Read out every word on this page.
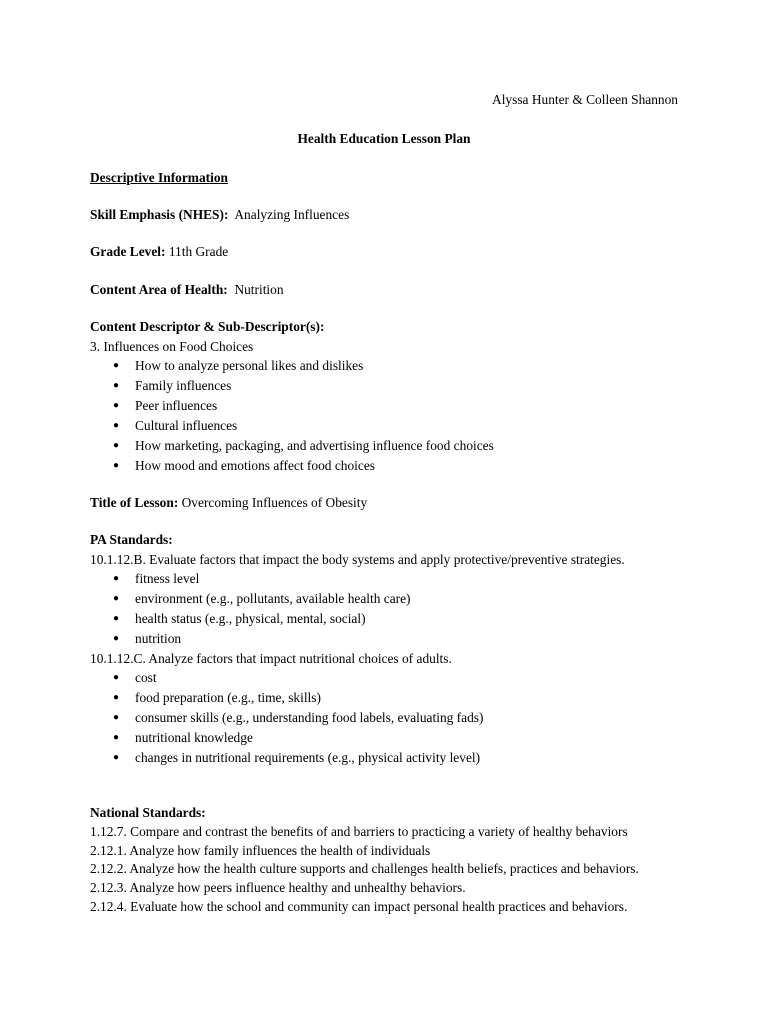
Alyssa Hunter & Colleen Shannon
Health Education Lesson Plan
Descriptive Information
Skill Emphasis (NHES): Analyzing Influences
Grade Level: 11th Grade
Content Area of Health: Nutrition
Content Descriptor & Sub-Descriptor(s):
3. Influences on Food Choices
● How to analyze personal likes and dislikes
● Family influences
● Peer influences
● Cultural influences
● How marketing, packaging, and advertising influence food choices
● How mood and emotions affect food choices
Title of Lesson: Overcoming Influences of Obesity
PA Standards:
10.1.12.B. Evaluate factors that impact the body systems and apply protective/preventive strategies.
● fitness level
● environment (e.g., pollutants, available health care)
● health status (e.g., physical, mental, social)
● nutrition
10.1.12.C. Analyze factors that impact nutritional choices of adults.
● cost
● food preparation (e.g., time, skills)
● consumer skills (e.g., understanding food labels, evaluating fads)
● nutritional knowledge
● changes in nutritional requirements (e.g., physical activity level)
National Standards:
1.12.7. Compare and contrast the benefits of and barriers to practicing a variety of healthy behaviors
2.12.1. Analyze how family influences the health of individuals
2.12.2. Analyze how the health culture supports and challenges health beliefs, practices and behaviors.
2.12.3. Analyze how peers influence healthy and unhealthy behaviors.
2.12.4. Evaluate how the school and community can impact personal health practices and behaviors.
